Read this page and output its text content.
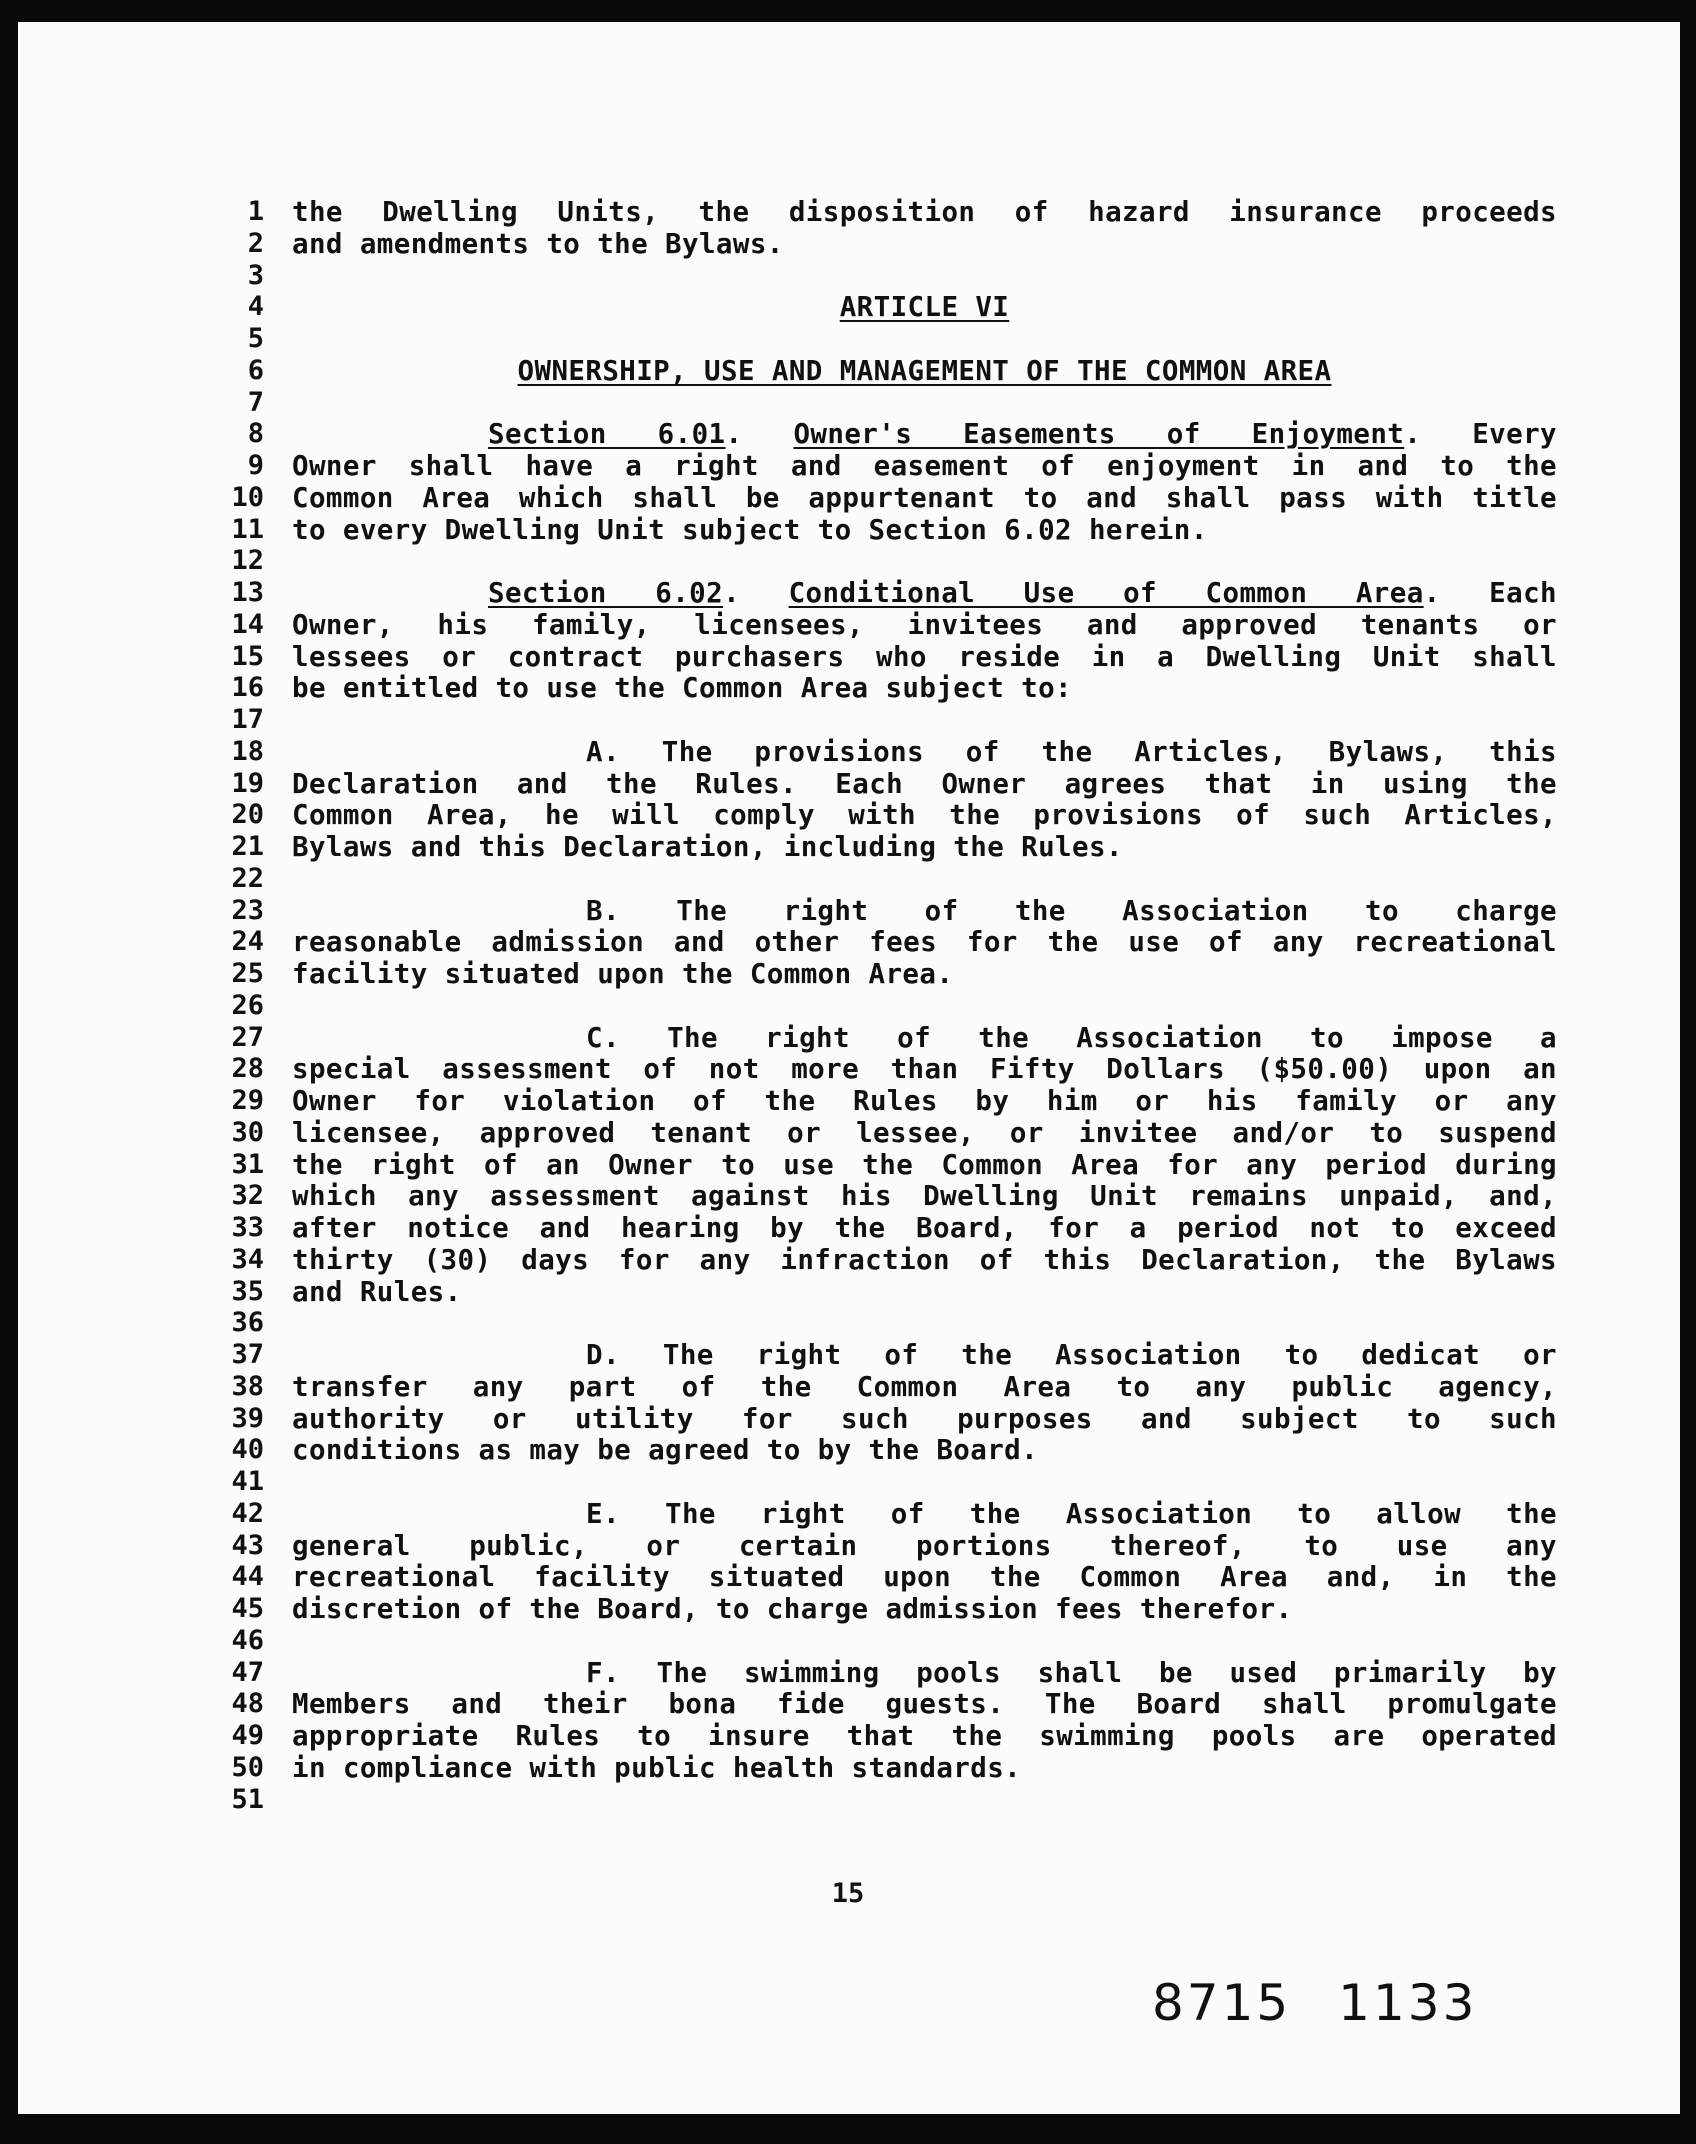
1 the Dwelling Units, the disposition of hazard insurance proceeds
2 and amendments to the Bylaws.
3
4	ARTICLE VI
5
6	OWNERSHIP, USE AND MANAGEMENT OF THE COMMON AREA
7
8	Section 6.01. Owner's Easements of Enjoyment. Every
9 Owner shall have a right and easement of enjoyment in and to the
10 Common Area which shall be appurtenant to and shall pass with title
11 to every Dwelling Unit subject to Section 6.02 herein.
12
13	Section 6.02. Conditional Use of Common Area. Each
14 Owner, his family, licensees, invitees and approved tenants or
15 lessees or contract purchasers who reside in a Dwelling Unit shall
16 be entitled to use the Common Area subject to:
17
18	A. The provisions of the Articles, Bylaws, this
19 Declaration and the Rules. Each Owner agrees that in using the
20 Common Area, he will comply with the provisions of such Articles,
21 Bylaws and this Declaration, including the Rules.
22
23	B. The right of the Association to charge
24 reasonable admission and other fees for the use of any recreational
25 facility situated upon the Common Area.
26
27	C. The right of the Association to impose a
28 special assessment of not more than Fifty Dollars ($50.00) upon an
29 Owner for violation of the Rules by him or his family or any
30 licensee, approved tenant or lessee, or invitee and/or to suspend
31 the right of an Owner to use the Common Area for any period during
32 which any assessment against his Dwelling Unit remains unpaid, and,
33 after notice and hearing by the Board, for a period not to exceed
34 thirty (30) days for any infraction of this Declaration, the Bylaws
35 and Rules.
36
37	D. The right of the Association to dedicat or
38 transfer any part of the Common Area to any public agency,
39 authority or utility for such purposes and subject to such
40 conditions as may be agreed to by the Board.
41
42	E. The right of the Association to allow the
43 general public, or certain portions thereof, to use any
44 recreational facility situated upon the Common Area and, in the
45 discretion of the Board, to charge admission fees therefor.
46
47	F. The swimming pools shall be used primarily by
48 Members and their bona fide guests. The Board shall promulgate
49 appropriate Rules to insure that the swimming pools are operated
50 in compliance with public health standards.
51
15
8715 1133
